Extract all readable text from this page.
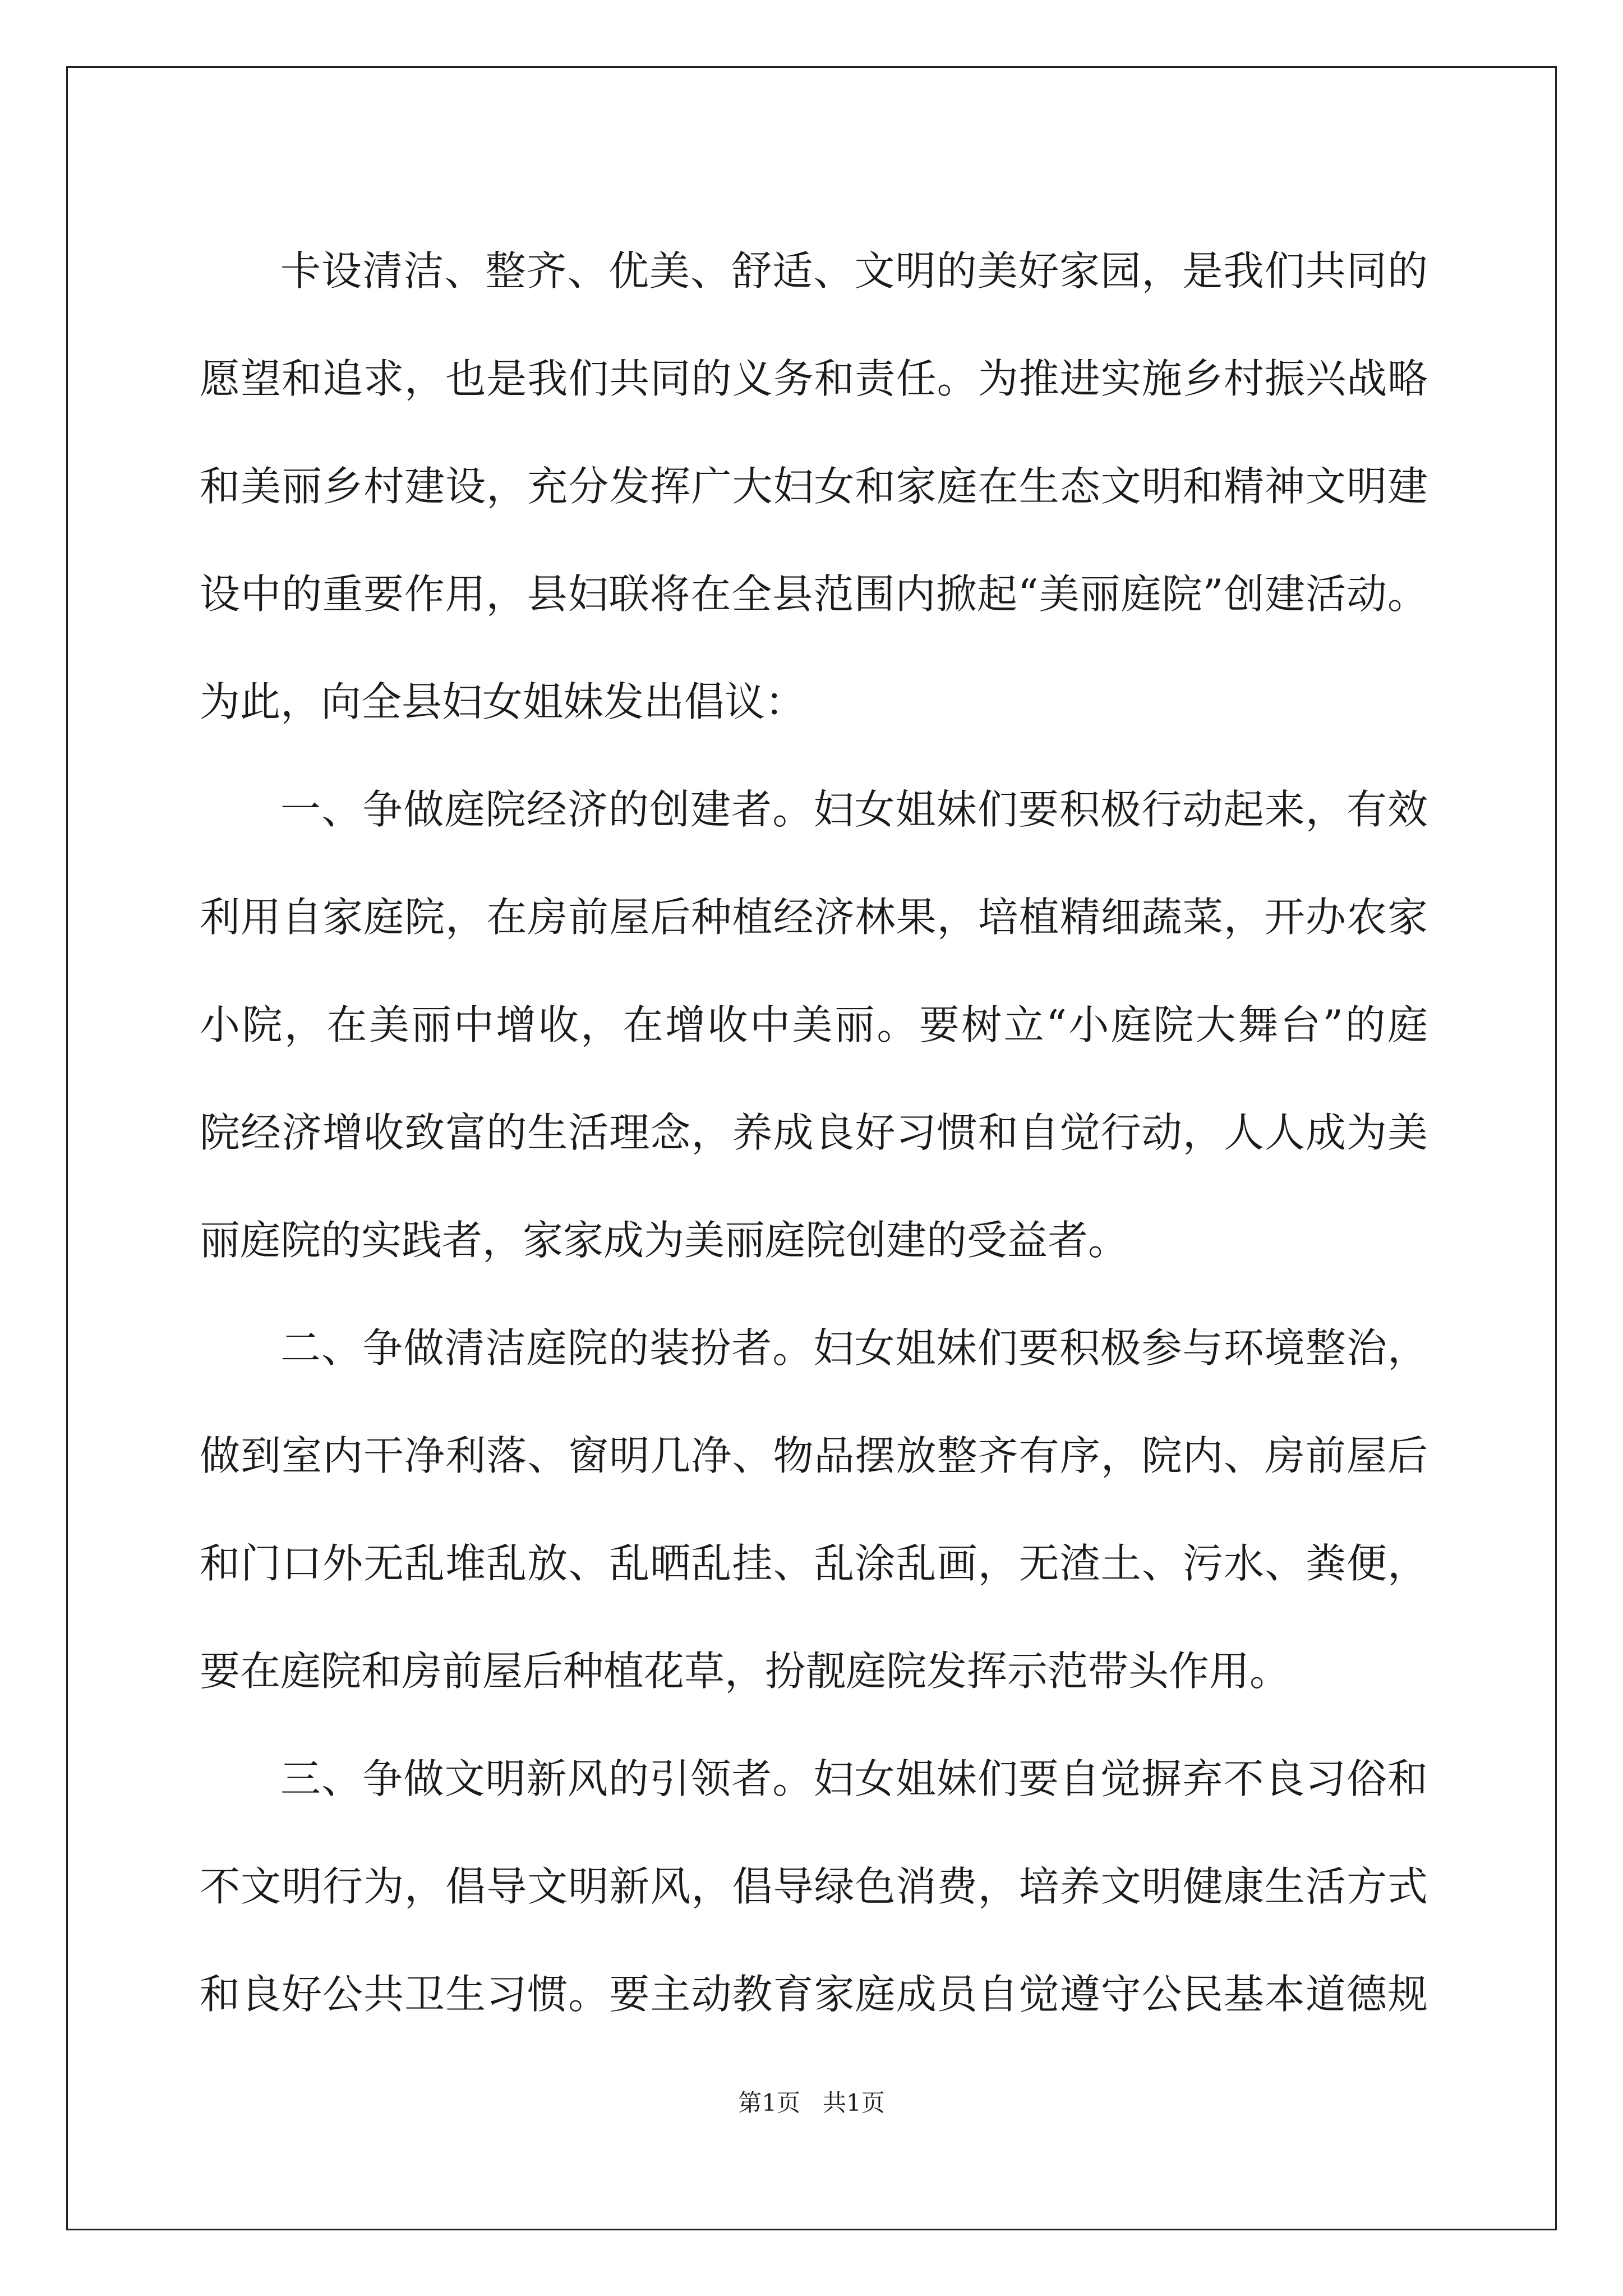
卡设清洁、整齐、优美、舒适、文明的美好家园，是我们共同的
愿望和追求，也是我们共同的义务和责任。为推进实施乡村振兴战略
和美丽乡村建设，充分发挥广大妇女和家庭在生态文明和精神文明建
设中的重要作用，县妇联将在全县范围内掀起“美丽庭院”创建活动。
为此，向全县妇女姐妹发出倡议：
一、争做庭院经济的创建者。妇女姐妹们要积极行动起来，有效
利用自家庭院，在房前屋后种植经济林果，培植精细蔬菜，开办农家
小院，在美丽中增收，在增收中美丽。要树立“小庭院大舞台”的庭
院经济增收致富的生活理念，养成良好习惯和自觉行动，人人成为美
丽庭院的实践者，家家成为美丽庭院创建的受益者。
二、争做清洁庭院的装扮者。妇女姐妹们要积极参与环境整治，
做到室内干净利落、窗明几净、物品摆放整齐有序，院内、房前屋后
和门口外无乱堆乱放、乱晒乱挂、乱涂乱画，无渣土、污水、粪便，
要在庭院和房前屋后种植花草，扮靓庭院发挥示范带头作用。
三、争做文明新风的引领者。妇女姐妹们要自觉摒弃不良习俗和
不文明行为，倡导文明新风，倡导绿色消费，培养文明健康生活方式
和良好公共卫生习惯。要主动教育家庭成员自觉遵守公民基本道德规
第1页 共1页
